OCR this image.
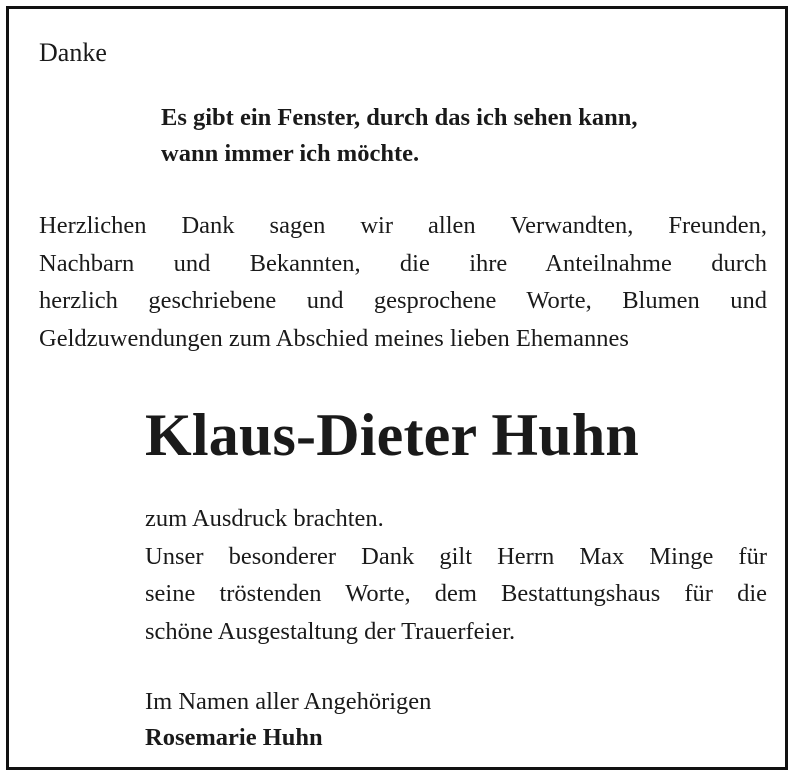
Danke
Es gibt ein Fenster, durch das ich sehen kann,
wann immer ich möchte.
Herzlichen Dank sagen wir allen Verwandten, Freunden,
Nachbarn und Bekannten, die ihre Anteilnahme durch
herzlich geschriebene und gesprochene Worte, Blumen und
Geldzuwendungen zum Abschied meines lieben Ehemannes
Klaus-Dieter Huhn
zum Ausdruck brachten.
Unser besonderer Dank gilt Herrn Max Minge für
seine tröstenden Worte, dem Bestattungshaus für die
schöne Ausgestaltung der Trauerfeier.
Im Namen aller Angehörigen
Rosemarie Huhn
